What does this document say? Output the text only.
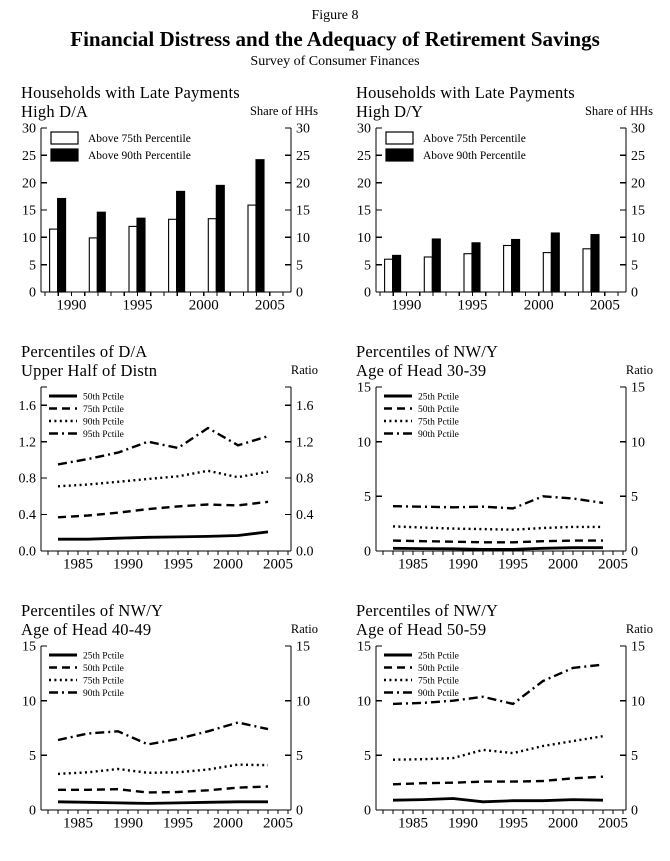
Figure 8
Financial Distress and the Adequacy of Retirement Savings
Survey of Consumer Finances
Households with Late Payments
High D/A	Share of HHs
0	0
5	5
10	10
15	15
20	20
25	25
30	30
1990 1995 2000 2005
Above 75th Percentile
Above 90th Percentile
Households with Late Payments
High D/Y	Share of HHs
0	0
5	5
10	10
15	15
20	20
25	25
30	30
1990 1995 2000 2005
Above 75th Percentile
Above 90th Percentile
Percentiles of D/A
Upper Half of Distn	Ratio
0.0	0.0
0.4	0.4
0.8	0.8
1.2	1.2
1.6	1.6
1985 1990 1995 2000 2005
50th Pctile
75th Pctile
90th Pctile
95th Pctile
Percentiles of NW/Y
Age of Head 30-39	Ratio
0	0
5	5
10	10
15	15
1985 1990 1995 2000 2005
25th Pctile
50th Pctile
75th Pctile
90th Pctile
Percentiles of NW/Y
Age of Head 40-49	Ratio
0	0
5	5
10	10
15	15
1985 1990 1995 2000 2005
25th Pctile
50th Pctile
75th Pctile
90th Pctile
Percentiles of NW/Y
Age of Head 50-59	Ratio
0	0
5	5
10	10
15	15
1985 1990 1995 2000 2005
25th Pctile
50th Pctile
75th Pctile
90th Pctile
